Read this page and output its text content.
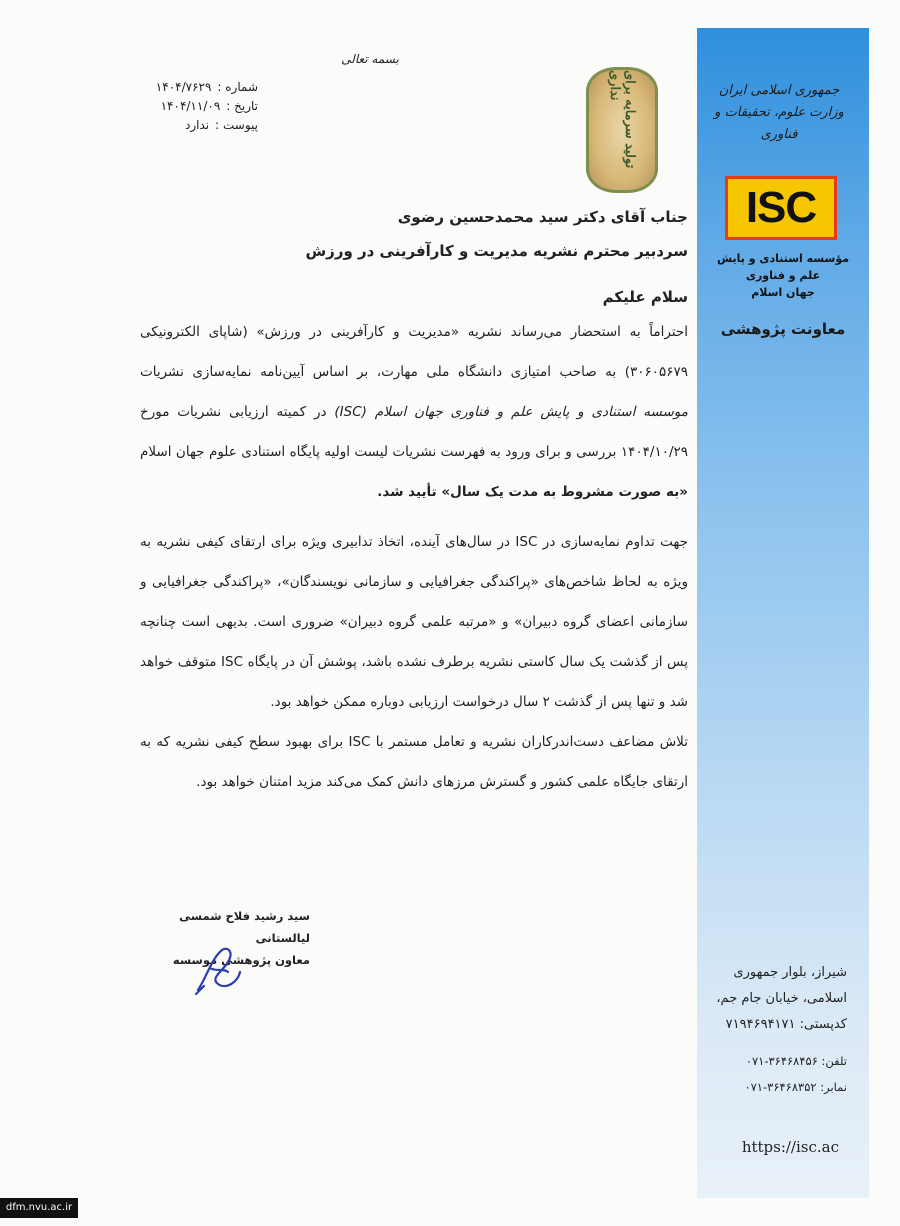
جمهوری اسلامی ایران
وزارت علوم، تحقیقات و فناوری
ISC
مؤسسه استنادی و پایش علم و فناوری
جهان اسلام
معاونت پژوهشی
شیراز، بلوار جمهوری
اسلامی، خیابان جام جم،
کدپستی: ۷۱۹۴۶۹۴۱۷۱
تلفن: ۳۶۴۶۸۴۵۶-۰۷۱
نمابر: ۳۶۴۶۸۳۵۲-۰۷۱
https://isc.ac
بسمه تعالی
شماره :
۱۴۰۴/۷۶۲۹
تاریخ :
۱۴۰۴/۱۱/۰۹
پیوست :
ندارد	تولید سرمایه برای نداری
جناب آقای دکتر سید محمدحسین رضوی
سردبیر محترم نشریه مدیریت و کارآفرینی در ورزش
سلام علیکم

احتراماً به استحضار می‌رساند نشریه «مدیریت و کارآفرینی در ورزش» (شاپای الکترونیکی ۳۰۶۰۵۶۷۹) به صاحب امتیازی دانشگاه ملی مهارت، بر اساس آیین‌نامه نمایه‌سازی نشریات موسسه استنادی و پایش علم و فناوری جهان اسلام (ISC) در کمیته ارزیابی نشریات مورخ ۱۴۰۴/۱۰/۲۹ بررسی و برای ورود به فهرست نشریات لیست اولیه پایگاه استنادی علوم جهان اسلام «به صورت مشروط به مدت یک سال» تأیید شد.

جهت تداوم نمایه‌سازی در ISC در سال‌های آینده، اتخاذ تدابیری ویژه برای ارتقای کیفی نشریه به ویژه به لحاظ شاخص‌های «پراکندگی جغرافیایی و سازمانی نویسندگان»، «پراکندگی جغرافیایی و سازمانی اعضای گروه دبیران» و «مرتبه علمی گروه دبیران» ضروری است. بدیهی است چنانچه پس از گذشت یک سال کاستی نشریه برطرف نشده باشد، پوشش آن در پایگاه ISC متوقف خواهد شد و تنها پس از گذشت ۲ سال درخواست ارزیابی دوباره ممکن خواهد بود.

تلاش مضاعف دست‌اندرکاران نشریه و تعامل مستمر با ISC برای بهبود سطح کیفی نشریه که به ارتقای جایگاه علمی کشور و گسترش مرزهای دانش کمک می‌کند مزید امتنان خواهد بود.

سید رشید فلاح شمسی لیالستانی
معاون پژوهشی موسسه
dfm.nvu.ac.ir
